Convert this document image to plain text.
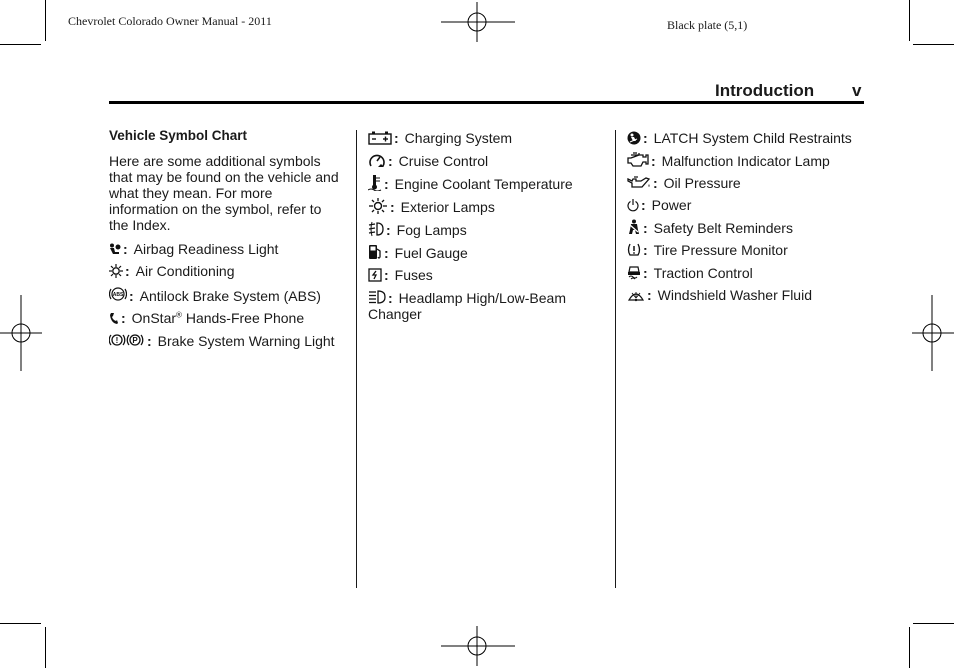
Chevrolet Colorado Owner Manual - 2011	Black plate (5,1)
Introduction v
Vehicle Symbol Chart
Here are some additional symbols that may be found on the vehicle and what they mean. For more information on the symbol, refer to the Index.
: Airbag Readiness Light
: Air Conditioning
ABS : Antilock Brake System (ABS)
: OnStar® Hands-Free Phone
! P : Brake System Warning Light
: Charging System
: Cruise Control
: Engine Coolant Temperature
: Exterior Lamps
: Fog Lamps
: Fuel Gauge
: Fuses
: Headlamp High/Low-Beam Changer
: LATCH System Child Restraints
: Malfunction Indicator Lamp
: Oil Pressure
: Power
: Safety Belt Reminders
: Tire Pressure Monitor
: Traction Control
: Windshield Washer Fluid
